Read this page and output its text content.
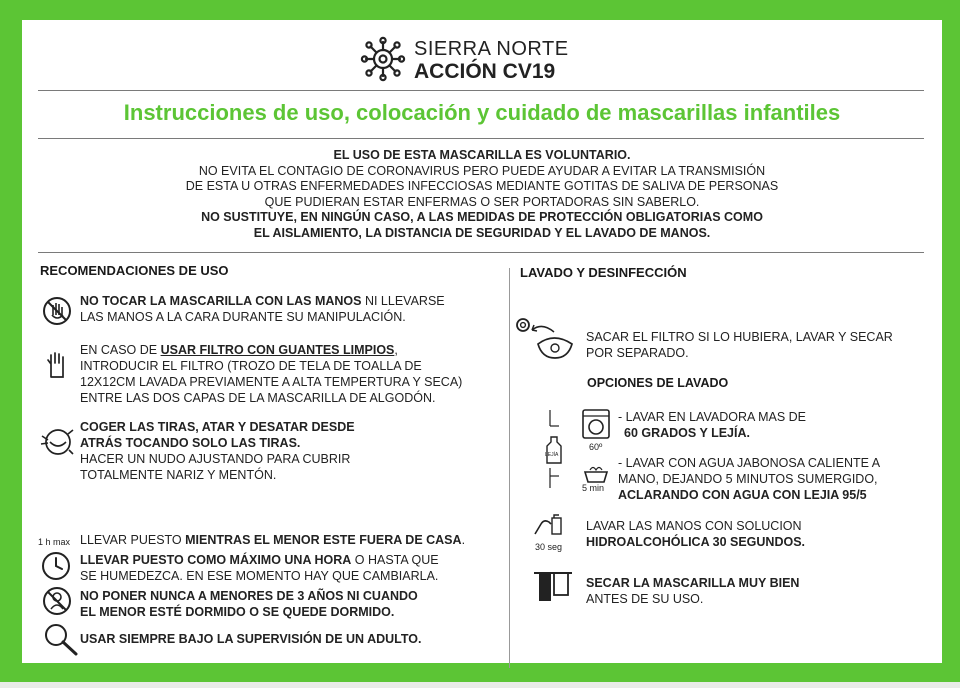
SIERRA NORTE
ACCIÓN CV19
Instrucciones de uso, colocación y cuidado de mascarillas infantiles
EL USO DE ESTA MASCARILLA ES VOLUNTARIO.
NO EVITA EL CONTAGIO DE CORONAVIRUS PERO PUEDE AYUDAR A EVITAR LA TRANSMISIÓN
DE ESTA U OTRAS ENFERMEDADES INFECCIOSAS MEDIANTE GOTITAS DE SALIVA DE PERSONAS
QUE PUDIERAN ESTAR ENFERMAS O SER PORTADORAS SIN SABERLO.
NO SUSTITUYE, EN NINGÚN CASO, A LAS MEDIDAS DE PROTECCIÓN OBLIGATORIAS COMO
EL AISLAMIENTO, LA DISTANCIA DE SEGURIDAD Y EL LAVADO DE MANOS.
RECOMENDACIONES DE USO
NO TOCAR LA MASCARILLA CON LAS MANOS NI LLEVARSE
LAS MANOS A LA CARA DURANTE SU MANIPULACIÓN.
EN CASO DE USAR FILTRO CON GUANTES LIMPIOS,
INTRODUCIR EL FILTRO (TROZO DE TELA DE TOALLA DE
12X12CM LAVADA PREVIAMENTE A ALTA TEMPERTURA Y SECA)
ENTRE LAS DOS CAPAS DE LA MASCARILLA DE ALGODÓN.
COGER LAS TIRAS, ATAR Y DESATAR DESDE
ATRÁS TOCANDO SOLO LAS TIRAS.
HACER UN NUDO AJUSTANDO PARA CUBRIR
TOTALMENTE NARIZ Y MENTÓN.
1 h max LLEVAR PUESTO MIENTRAS EL MENOR ESTE FUERA DE CASA.
LLEVAR PUESTO COMO MÁXIMO UNA HORA O HASTA QUE
SE HUMEDEZCA. EN ESE MOMENTO HAY QUE CAMBIARLA.
NO PONER NUNCA A MENORES DE 3 AÑOS NI CUANDO
EL MENOR ESTÉ DORMIDO O SE QUEDE DORMIDO.
USAR SIEMPRE BAJO LA SUPERVISIÓN DE UN ADULTO.
LAVADO Y DESINFECCIÓN
SACAR EL FILTRO SI LO HUBIERA, LAVAR Y SECAR
POR SEPARADO.
OPCIONES DE LAVADO
LEJÍA
60º
- LAVAR EN LAVADORA MAS DE
60 GRADOS Y LEJÍA.
5 min
- LAVAR CON AGUA JABONOSA CALIENTE A
MANO, DEJANDO 5 MINUTOS SUMERGIDO,
ACLARANDO CON AGUA CON LEJIA 95/5
30 seg
LAVAR LAS MANOS CON SOLUCION
HIDROALCOHÓLICA 30 SEGUNDOS.
SECAR LA MASCARILLA MUY BIEN
ANTES DE SU USO.
